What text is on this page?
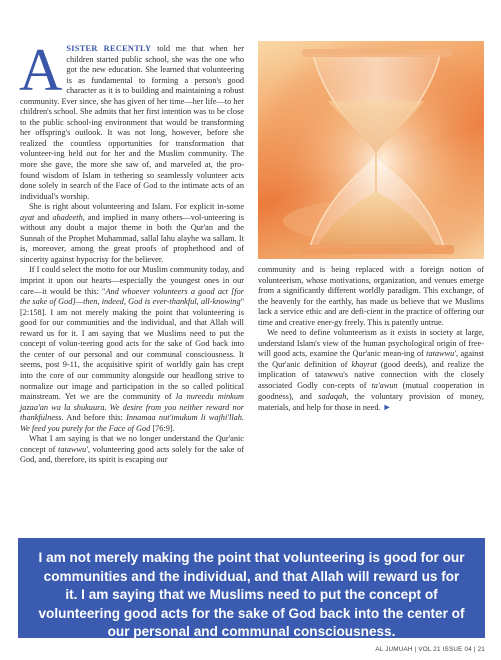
ASISTER RECENTLY told me that when her children started public school, she was the one who got the new education. She learned that volunteering is as fundamental to forming a person's good character as it is to building and maintaining a robust community. Ever since, she has given of her time—her life—to her children's school. She admits that her first intention was to be close to the public school-ing environment that would be transforming her offspring's outlook. It was not long, however, before she realized the countless opportunities for transformation that volunteer-ing held out for her and the Muslim community. The more she gave, the more she saw of, and marveled at, the pro-found wisdom of Islam in tethering so seamlessly volunteer acts done solely in search of the Face of God to the intimate acts of an individual's worship.

She is right about volunteering and Islam. For explicit in-some ayat and ahadeeth, and implied in many others—vol-unteering is without any doubt a major theme in both the Qur'an and the Sunnah of the Prophet Muhammad, sallal lahu alayhe wa sallam. It is, moreover, among the great proofs of prophethood and of sincerity against hypocrisy for the believer.

If I could select the motto for our Muslim community today, and imprint it upon our hearts—especially the youngest ones in our care—it would be this: "And whoever volunteers a good act [for the sake of God]—then, indeed, God is ever-thankful, all-knowing" [2:158]. I am not merely making the point that volunteering is good for our communities and the individual, and that Allah will reward us for it. I am saying that we Muslims need to put the concept of volun-teering good acts for the sake of God back into the center of our personal and our communal consciousness. It seems, post 9-11, the acquisitive spirit of worldly gain has crept into the core of our community alongside our headlong strive to normalize our image and participation in the so called political mainstream. Yet we are the community of la nureedu minkum jazaa'an wa la shukuura. We desire from you neither reward nor thankfulness. And before this: Innamaa nut'imukum li wajhi'llah. We feed you purely for the Face of God [76:9].

What I am saying is that we no longer understand the Qur'anic concept of tatawwu', volunteering good acts solely for the sake of God, and, therefore, its spirit is escaping our

community and is being replaced with a foreign notion of volunteerism, whose motivations, organization, and venues emerge from a significantly different worldly paradigm. This exchange, of the heavenly for the earthly, has made us believe that we Muslims lack a service ethic and are defi-cient in the practice of offering our time and creative ener-gy freely. This is patently untrue.

We need to define volunteerism as it exists in society at large, understand Islam's view of the human psychological origin of free-will good acts, examine the Qur'anic mean-ing of tatawwu', against the Qur'anic definition of khayrat (good deeds), and realize the implication of tatawwu's native connection with the closely associated Godly con-cepts of ta'awun (mutual cooperation in goodness), and sadaqah, the voluntary provision of money, materials, and help for those in need. ►

I am not merely making the point that volunteering is good for our communities and the individual, and that Allah will reward us for it. I am saying that we Muslims need to put the concept of volunteering good acts for the sake of God back into the center of our personal and communal consciousness.
AL JUMUAH | VOL 21 ISSUE 04 | 21
